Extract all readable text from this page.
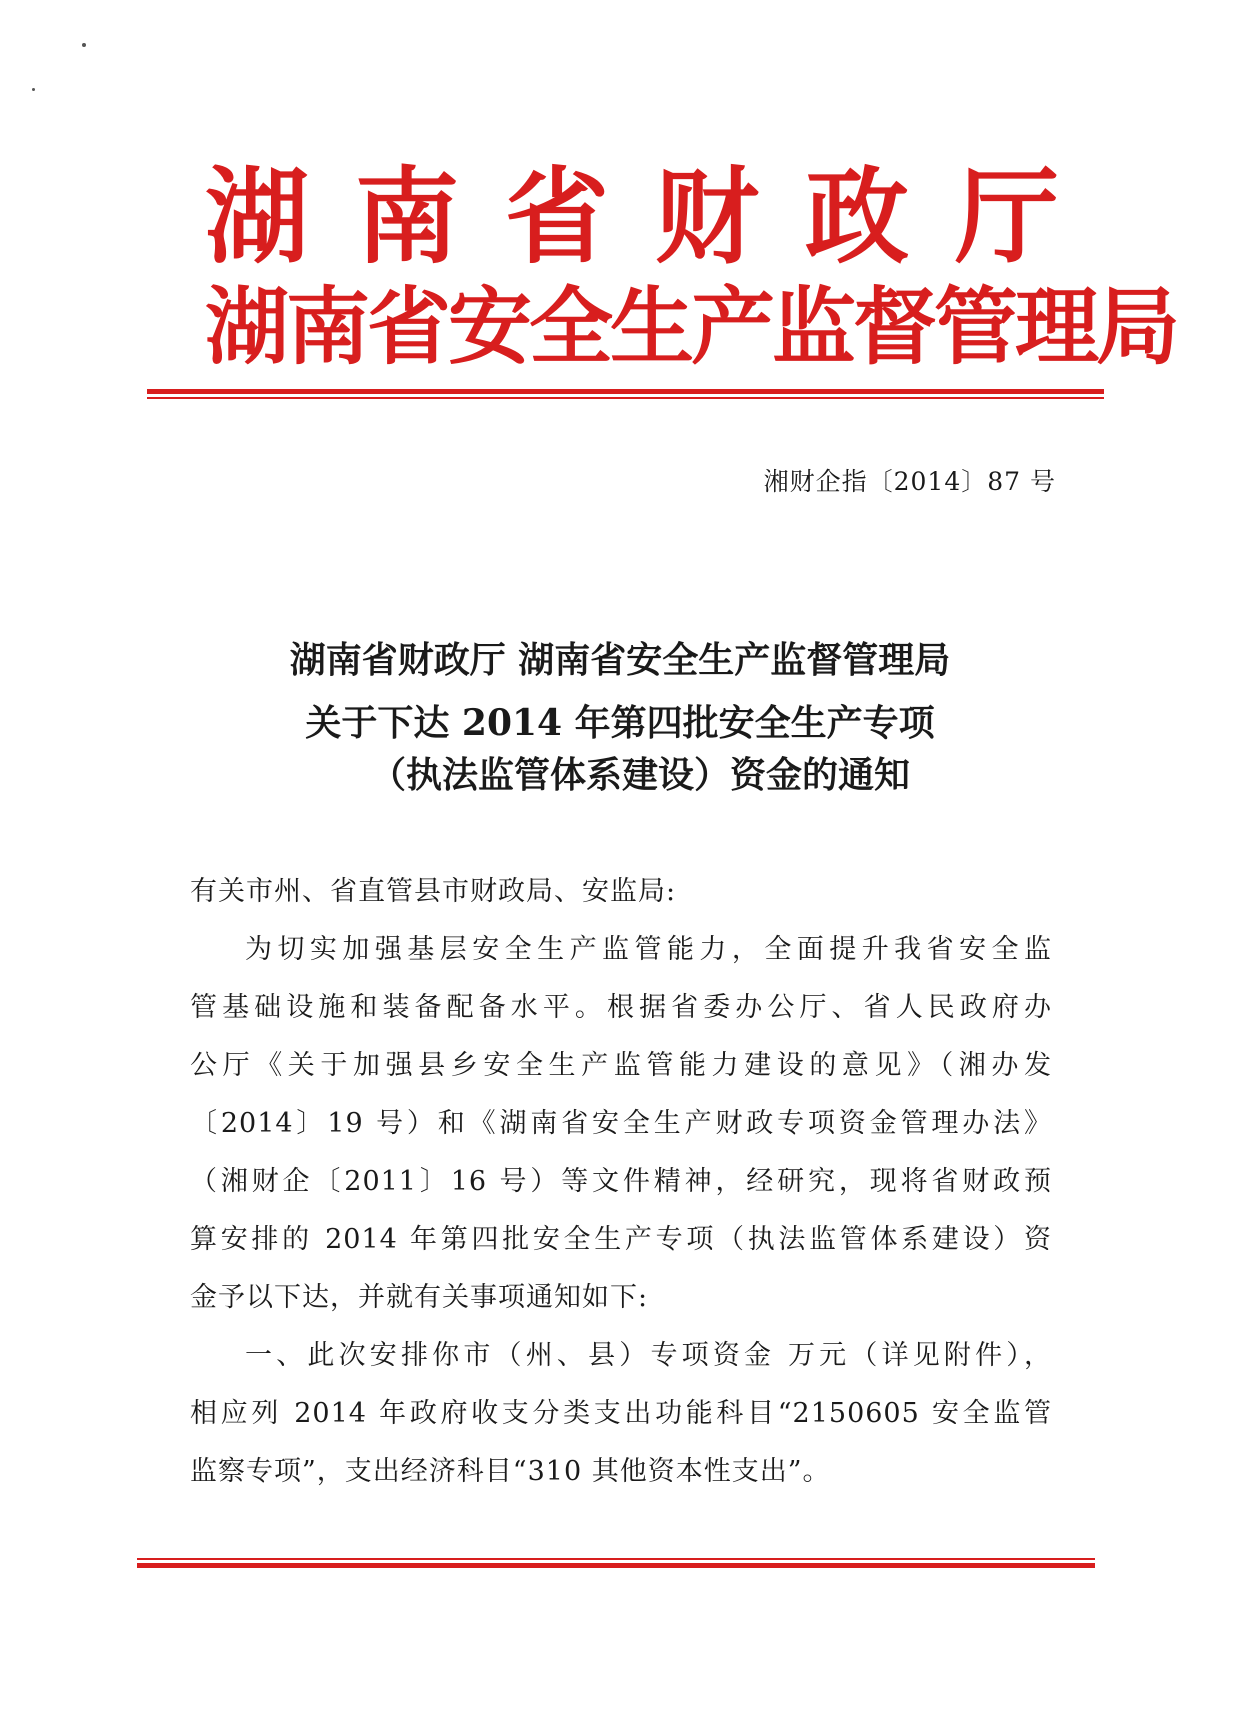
湖南省财政厅
湖南省安全生产监督管理局
湘财企指〔2014〕87 号
湖南省财政厅 湖南省安全生产监督管理局
关于下达 2014 年第四批安全生产专项
（执法监管体系建设）资金的通知
有关市州、省直管县市财政局、安监局:
为切实加强基层安全生产监管能力，全面提升我省安全监
管基础设施和装备配备水平。根据省委办公厅、省人民政府办
公厅《关于加强县乡安全生产监管能力建设的意见》（湘办发
〔2014〕19 号）和《湖南省安全生产财政专项资金管理办法》
（湘财企〔2011〕16 号）等文件精神，经研究，现将省财政预
算安排的 2014 年第四批安全生产专项（执法监管体系建设）资
金予以下达，并就有关事项通知如下:
一、此次安排你市（州、县）专项资金 万元（详见附件），
相应列 2014 年政府收支分类支出功能科目“2150605 安全监管
监察专项”，支出经济科目“310 其他资本性支出”。
